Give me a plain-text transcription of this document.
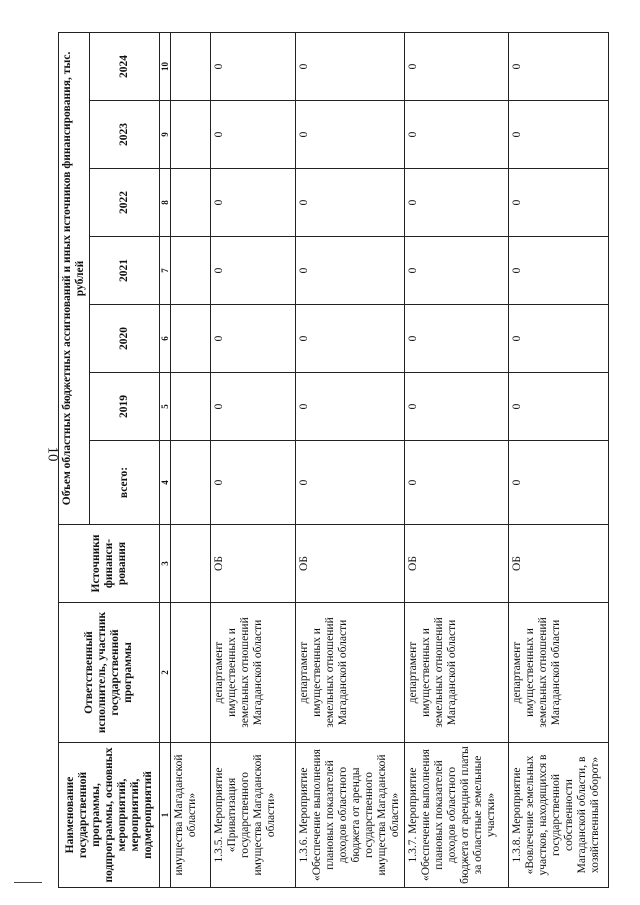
10
Наименование государственной программы, подпрограммы, основных мероприятий, мероприятий, подмероприятий	Ответственный исполнитель, участник государственной программы	Источники финанси-рования	Объем областных бюджетных ассигнований и иных источников финансирования, тыс. рублей						
			всего:	2019	2020	2021	2022	2023	2024
1	2	3	4	5	6	7	8	9	10
имущества Магаданской области»									
1.3.5. Мероприятие «Приватизация государственного имущества Магаданской области»	департамент имущественных и земельных отношений Магаданской области	ОБ	0	0	0	0	0	0	0
1.3.6. Мероприятие «Обеспечение выполнения плановых показателей доходов областного бюджета от аренды государственного имущества Магаданской области»	департамент имущественных и земельных отношений Магаданской области	ОБ	0	0	0	0	0	0	0
1.3.7. Мероприятие «Обеспечение выполнения плановых показателей доходов областного бюджета от арендной платы за областные земельные участки»	департамент имущественных и земельных отношений Магаданской области	ОБ	0	0	0	0	0	0	0
1.3.8. Мероприятие «Вовлечение земельных участков, находящихся в государственной собственности Магаданской области, в хозяйственный оборот»	департамент имущественных и земельных отношений Магаданской области	ОБ	0	0	0	0	0	0	0
